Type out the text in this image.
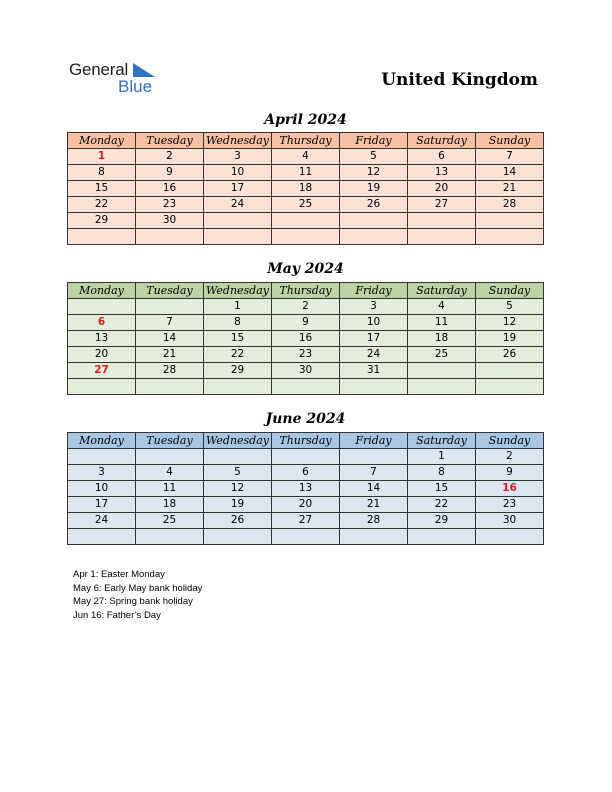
General
Blue	United Kingdom
April 2024
Monday	Tuesday	Wednesday	Thursday	Friday	Saturday	Sunday
1	2	3	4	5	6	7
8	9	10	11	12	13	14
15	16	17	18	19	20	21
22	23	24	25	26	27	28
29	30					

May 2024
Monday	Tuesday	Wednesday	Thursday	Friday	Saturday	Sunday
		1	2	3	4	5
6	7	8	9	10	11	12
13	14	15	16	17	18	19
20	21	22	23	24	25	26
27	28	29	30	31		

June 2024
Monday	Tuesday	Wednesday	Thursday	Friday	Saturday	Sunday
					1	2
3	4	5	6	7	8	9
10	11	12	13	14	15	16
17	18	19	20	21	22	23
24	25	26	27	28	29	30

Apr 1: Easter Monday
May 6: Early May bank holiday
May 27: Spring bank holiday
Jun 16: Father’s Day
